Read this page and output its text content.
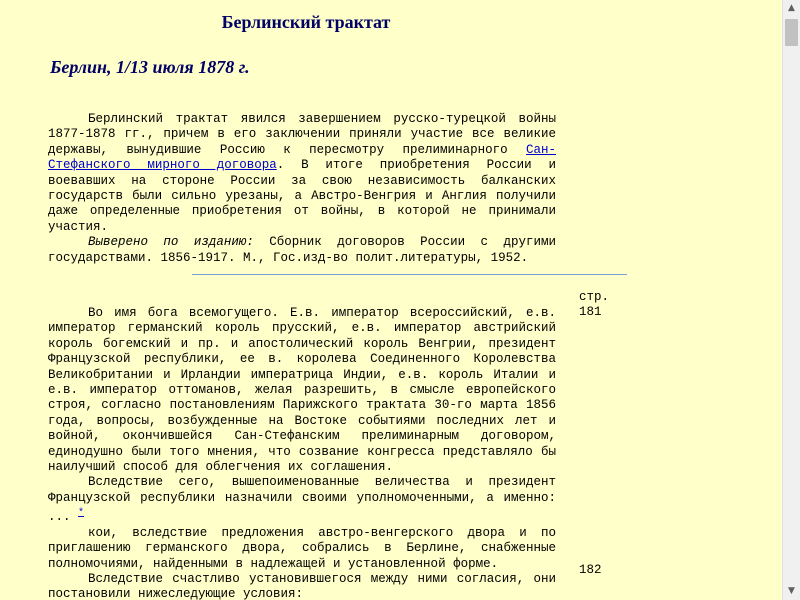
Берлинский трактат
Берлин, 1/13 июля 1878 г.

Берлинский трактат явился завершением русско-турецкой войны 1877-1878 гг., причем в его заключении приняли участие все великие державы, вынудившие Россию к пересмотру прелиминарного Сан-Стефанского мирного договора. В итоге приобретения России и воевавших на стороне России за свою независимость балканских государств были сильно урезаны, а Австро-Венгрия и Англия получили даже определенные приобретения от войны, в которой не принимали участия.

Выверено по изданию: Сборник договоров России с другими государствами. 1856-1917. М., Гос.изд-во полит.литературы, 1952.

стр.
181

Во имя бога всемогущего. Е.в. император всероссийский, е.в. император германский король прусский, е.в. император австрийский король богемский и пр. и апостолический король Венгрии, президент Французской республики, ее в. королева Соединенного Королевства Великобритании и Ирландии императрица Индии, е.в. король Италии и е.в. император оттоманов, желая разрешить, в смысле европейского строя, согласно постановлениям Парижского трактата 30-го марта 1856 года, вопросы, возбужденные на Востоке событиями последних лет и войной, окончившейся Сан-Стефанским прелиминарным договором, единодушно были того мнения, что созвание конгресса представляло бы наилучший способ для облегчения их соглашения.

Вследствие сего, вышепоименованные величества и президент Французской республики назначили своими уполномоченными, а именно: ... *

кои, вследствие предложения австро-венгерского двора и по приглашению германского двора, собрались в Берлине, снабженные полномочиями, найденными в надлежащей и установленной форме.

Вследствие счастливо установившегося между ними согласия, они постановили нижеследующие условия:

182
▲
▼
